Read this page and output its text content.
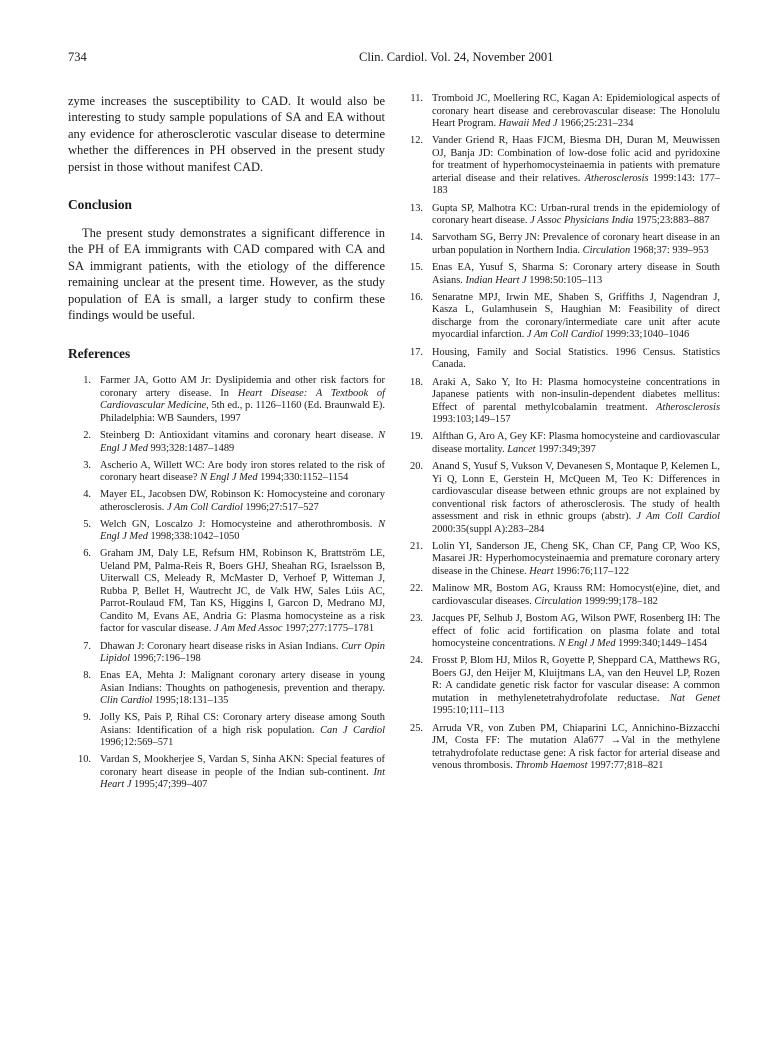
734	Clin. Cardiol. Vol. 24, November 2001

zyme increases the susceptibility to CAD. It would also be interesting to study sample populations of SA and EA without any evidence for atherosclerotic vascular disease to determine whether the differences in PH observed in the present study persist in those without manifest CAD.

Conclusion

The present study demonstrates a significant difference in the PH of EA immigrants with CAD compared with CA and SA immigrant patients, with the etiology of the difference remaining unclear at the present time. However, as the study population of EA is small, a larger study to confirm these findings would be useful.

References
1. Farmer JA, Gotto AM Jr: Dyslipidemia and other risk factors for coronary artery disease. In Heart Disease: A Textbook of Cardiovascular Medicine, 5th ed., p. 1126–1160 (Ed. Braunwald E). Philadelphia: WB Saunders, 1997
2. Steinberg D: Antioxidant vitamins and coronary heart disease. N Engl J Med 993;328:1487–1489
3. Ascherio A, Willett WC: Are body iron stores related to the risk of coronary heart disease? N Engl J Med 1994;330:1152–1154
4. Mayer EL, Jacobsen DW, Robinson K: Homocysteine and coronary atherosclerosis. J Am Coll Cardiol 1996;27:517–527
5. Welch GN, Loscalzo J: Homocysteine and atherothrombosis. N Engl J Med 1998;338:1042–1050
6. Graham JM, Daly LE, Refsum HM, Robinson K, Brattström LE, Ueland PM, Palma-Reis R, Boers GHJ, Sheahan RG, Israelsson B, Uiterwall CS, Meleady R, McMaster D, Verhoef P, Witteman J, Rubba P, Bellet H, Wautrecht JC, de Valk HW, Sales Lúis AC, Parrot-Roulaud FM, Tan KS, Higgins I, Garcon D, Medrano MJ, Candito M, Evans AE, Andria G: Plasma homocysteine as a risk factor for vascular disease. J Am Med Assoc 1997;277:1775–1781
7. Dhawan J: Coronary heart disease risks in Asian Indians. Curr Opin Lipidol 1996;7:196–198
8. Enas EA, Mehta J: Malignant coronary artery disease in young Asian Indians: Thoughts on pathogenesis, prevention and therapy. Clin Cardiol 1995;18:131–135
9. Jolly KS, Pais P, Rihal CS: Coronary artery disease among South Asians: Identification of a high risk population. Can J Cardiol 1996;12:569–571
10. Vardan S, Mookherjee S, Vardan S, Sinha AKN: Special features of coronary heart disease in people of the Indian sub-continent. Int Heart J 1995;47;399–407
11. Tromboid JC, Moellering RC, Kagan A: Epidemiological aspects of coronary heart disease and cerebrovascular disease: The Honolulu Heart Program. Hawaii Med J 1966;25:231–234
12. Vander Griend R, Haas FJCM, Biesma DH, Duran M, Meuwissen OJ, Banja JD: Combination of low-dose folic acid and pyridoxine for treatment of hyperhomocysteinaemia in patients with premature arterial disease and their relatives. Atherosclerosis 1999:143: 177–183
13. Gupta SP, Malhotra KC: Urban-rural trends in the epidemiology of coronary heart disease. J Assoc Physicians India 1975;23:883–887
14. Sarvotham SG, Berry JN: Prevalence of coronary heart disease in an urban population in Northern India. Circulation 1968;37: 939–953
15. Enas EA, Yusuf S, Sharma S: Coronary artery disease in South Asians. Indian Heart J 1998:50:105–113
16. Senaratne MPJ, Irwin ME, Shaben S, Griffiths J, Nagendran J, Kasza L, Gulamhusein S, Haughian M: Feasibility of direct discharge from the coronary/intermediate care unit after acute myocardial infarction. J Am Coll Cardiol 1999:33;1040–1046
17. Housing, Family and Social Statistics. 1996 Census. Statistics Canada.
18. Araki A, Sako Y, Ito H: Plasma homocysteine concentrations in Japanese patients with non-insulin-dependent diabetes mellitus: Effect of parental methylcobalamin treatment. Atherosclerosis 1993:103;149–157
19. Alfthan G, Aro A, Gey KF: Plasma homocysteine and cardiovascular disease mortality. Lancet 1997:349;397
20. Anand S, Yusuf S, Vukson V, Devanesen S, Montaque P, Kelemen L, Yi Q, Lonn E, Gerstein H, McQueen M, Teo K: Differences in cardiovascular disease between ethnic groups are not explained by conventional risk factors of atherosclerosis. The study of health assessment and risk in ethnic groups (abstr). J Am Coll Cardiol 2000:35(suppl A):283–284
21. Lolin YI, Sanderson JE, Cheng SK, Chan CF, Pang CP, Woo KS, Masarei JR: Hyperhomocysteinaemia and premature coronary artery disease in the Chinese. Heart 1996:76;117–122
22. Malinow MR, Bostom AG, Krauss RM: Homocyst(e)ine, diet, and cardiovascular diseases. Circulation 1999:99;178–182
23. Jacques PF, Selhub J, Bostom AG, Wilson PWF, Rosenberg IH: The effect of folic acid fortification on plasma folate and total homocysteine concentrations. N Engl J Med 1999:340;1449–1454
24. Frosst P, Blom HJ, Milos R, Goyette P, Sheppard CA, Matthews RG, Boers GJ, den Heijer M, Kluijtmans LA, van den Heuvel LP, Rozen R: A candidate genetic risk factor for vascular disease: A common mutation in methylenetetrahydrofolate reductase. Nat Genet 1995:10;111–113
25. Arruda VR, von Zuben PM, Chiaparini LC, Annichino-Bizzacchi JM, Costa FF: The mutation Ala677 →Val in the methylene tetrahydrofolate reductase gene: A risk factor for arterial disease and venous thrombosis. Thromb Haemost 1997:77;818–821
